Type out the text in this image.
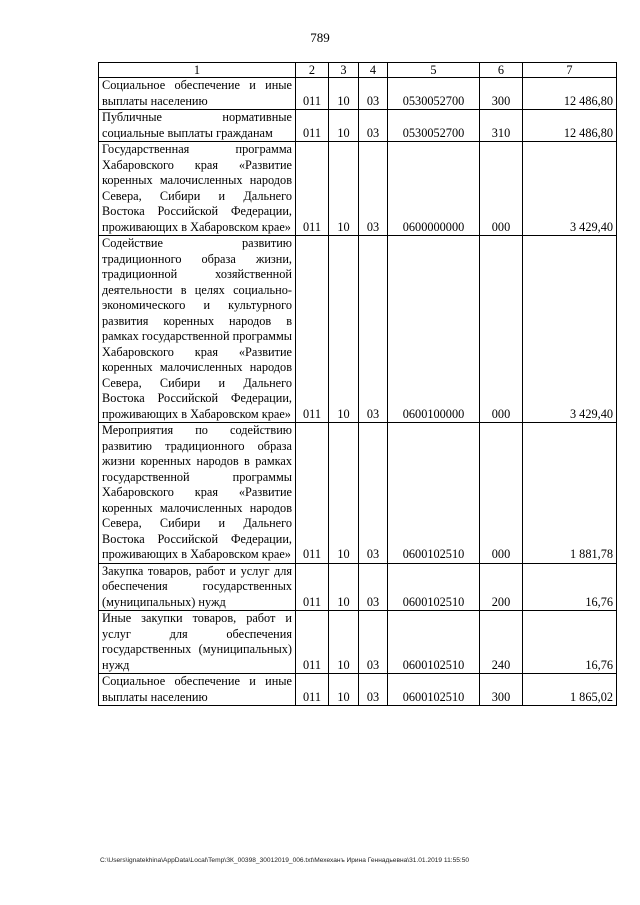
789
1	2	3	4	5	6	7
Социальное обеспечение и иные выплаты населению	011	10	03	0530052700	300	12 486,80
Публичные нормативные социальные выплаты гражданам	011	10	03	0530052700	310	12 486,80
Государственная программа Хабаровского края «Развитие коренных малочисленных народов Севера, Сибири и Дальнего Востока Российской Федерации, проживающих в Хабаровском крае»	011	10	03	0600000000	000	3 429,40
Содействие развитию традиционного образа жизни, традиционной хозяйственной деятельности в целях социально-экономического и культурного развития коренных народов в рамках государственной программы Хабаровского края «Развитие коренных малочисленных народов Севера, Сибири и Дальнего Востока Российской Федерации, проживающих в Хабаровском крае»	011	10	03	0600100000	000	3 429,40
Мероприятия по содействию развитию традиционного образа жизни коренных народов в рамках государственной программы Хабаровского края «Развитие коренных малочисленных народов Севера, Сибири и Дальнего Востока Российской Федерации, проживающих в Хабаровском крае»	011	10	03	0600102510	000	1 881,78
Закупка товаров, работ и услуг для обеспечения государственных (муниципальных) нужд	011	10	03	0600102510	200	16,76
Иные закупки товаров, работ и услуг для обеспечения государственных (муниципальных) нужд	011	10	03	0600102510	240	16,76
Социальное обеспечение и иные выплаты населению	011	10	03	0600102510	300	1 865,02
C:\Users\ignatekhina\AppData\Local\Temp\ЗК_00398_30012019_006.txt\Мехеханъ Ирина Геннадьевна\31.01.2019 11:55:50
